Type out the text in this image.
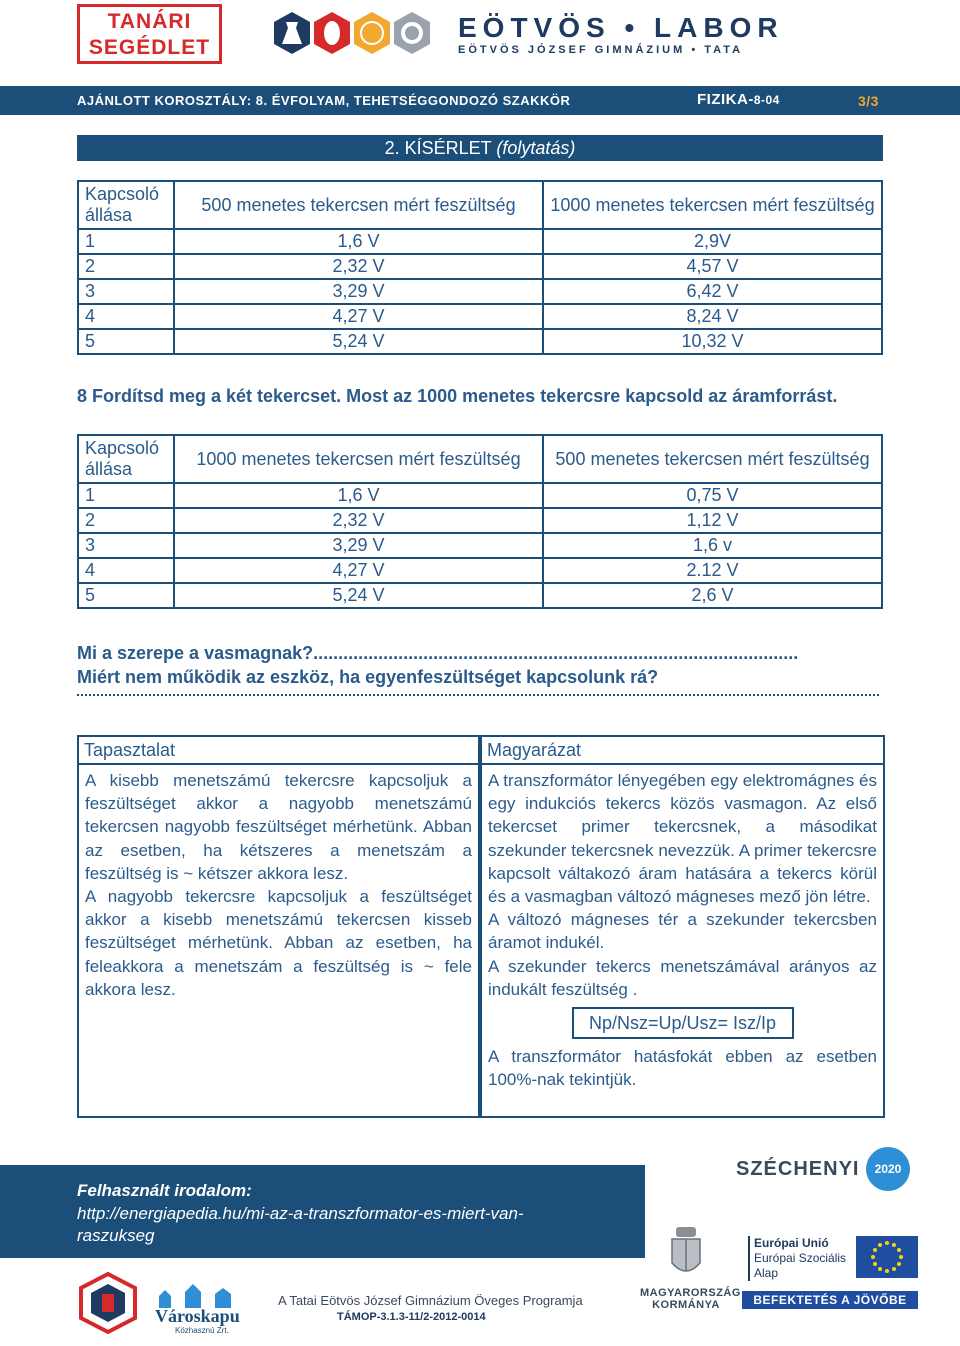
TANÁRI
SEGÉDLET
EÖTVÖS • LABOR
EÖTVÖS JÓZSEF GIMNÁZIUM • TATA
AJÁNLOTT KOROSZTÁLY: 8. ÉVFOLYAM, TEHETSÉGGONDOZÓ SZAKKÖR	FIZIKA-8-04	3/3
2. KÍSÉRLET (folytatás)
Kapcsoló állása	500 menetes tekercsen mért feszültség	1000 menetes tekercsen mért feszültség
1	1,6 V	2,9V
2	2,32 V	4,57 V
3	3,29 V	6,42 V
4	4,27 V	8,24 V
5	5,24 V	10,32 V
8 Fordítsd meg a két tekercset. Most az 1000 menetes tekercsre kapcsold az áramforrást.
Kapcsoló állása	1000 menetes tekercsen mért feszültség	500 menetes tekercsen mért feszültség
1	1,6 V	0,75 V
2	2,32 V	1,12 V
3	3,29 V	1,6 v
4	4,27 V	2.12 V
5	5,24 V	2,6 V
Mi a szerepe a vasmagnak?.................................................................................................
Miért nem működik az eszköz, ha egyenfeszültséget kapcsolunk rá?
Tapasztalat

A kisebb menetszámú tekercsre kapcsoljuk a feszültséget akkor a nagyobb menetszámú tekercsen nagyobb feszültséget mérhetünk. Abban az esetben, ha kétszeres a menetszám a feszültség is ~ kétszer akkora lesz.

A nagyobb tekercsre kapcsoljuk a feszültséget akkor a kisebb menetszámú tekercsen kisseb feszültséget mérhetünk. Abban az esetben, ha feleakkora a menetszám a feszültség is ~ fele akkora lesz.

Magyarázat

A transzformátor lényegében egy elektromágnes és egy indukciós tekercs közös vasmagon. Az első tekercset primer tekercsnek, a másodikat szekunder tekercsnek nevezzük. A primer tekercsre kapcsolt váltakozó áram hatására a tekercs körül és a vasmagban változó mágneses mező jön létre.

A változó mágneses tér a szekunder tekercsben áramot indukél.

A szekunder tekercs menetszámával arányos az indukált feszültség .

Np/Nsz=Up/Usz= Isz/Ip

A transzformátor hatásfokát ebben az esetben 100%-nak tekintjük.

Felhasznált irodalom:
http://energiapedia.hu/mi-az-a-transzformator-es-miert-van-raszukseg
SZÉCHENYI	2020
Városkapu
Közhasznú Zrt.
A Tatai Eötvös József Gimnázium Öveges Programja
TÁMOP-3.1.3-11/2-2012-0014
MAGYARORSZÁG
KORMÁNYA
Európai Unió
Európai Szociális
Alap
BEFEKTETÉS A JÖVŐBE
